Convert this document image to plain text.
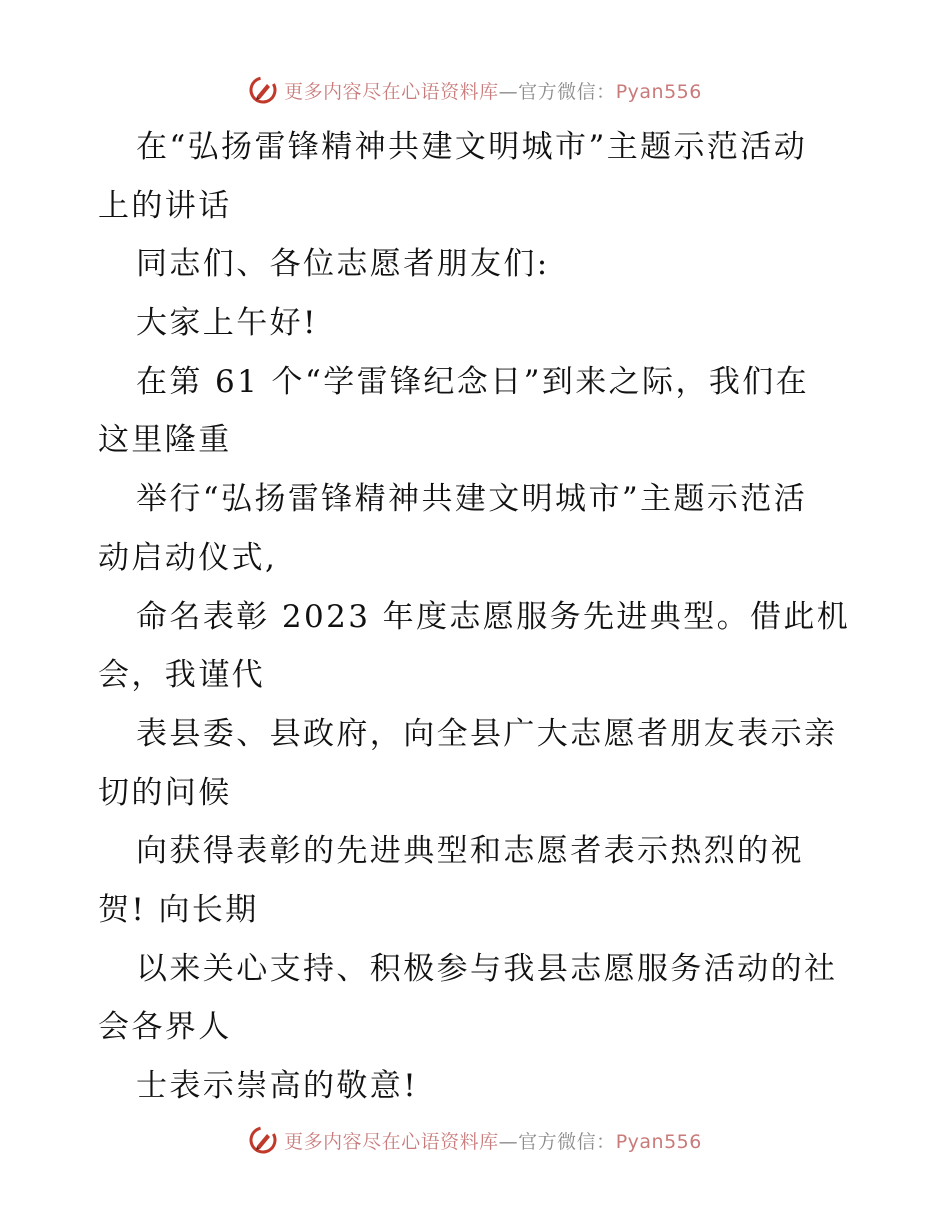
更多内容尽在心语资料库—官方微信：Pyan556
在“弘扬雷锋精神共建文明城市”主题示范活动
上的讲话
同志们、各位志愿者朋友们:
大家上午好!
在第 61 个“学雷锋纪念日”到来之际，我们在
这里隆重
举行“弘扬雷锋精神共建文明城市”主题示范活
动启动仪式,
命名表彰 2023 年度志愿服务先进典型。借此机
会，我谨代
表县委、县政府，向全县广大志愿者朋友表示亲
切的问候
向获得表彰的先进典型和志愿者表示热烈的祝
贺! 向长期
以来关心支持、积极参与我县志愿服务活动的社
会各界人
士表示崇高的敬意!
更多内容尽在心语资料库—官方微信：Pyan556
